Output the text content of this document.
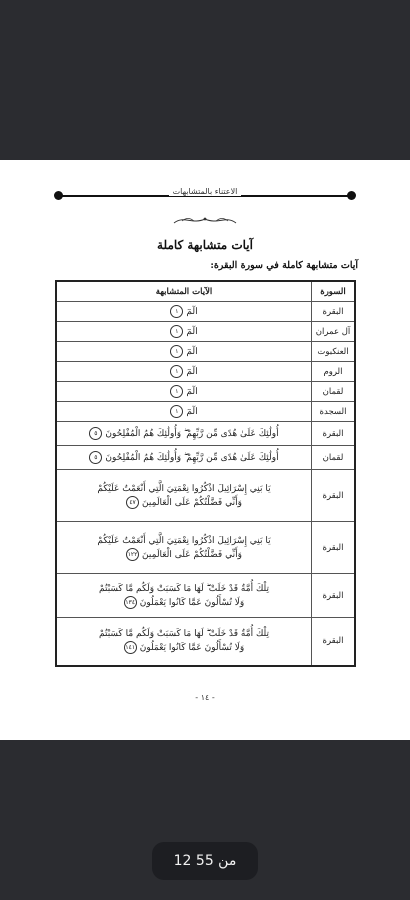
الاعتناء بالمتشابهات
آيات متشابهة كاملة
آيات متشابهة كاملة في سورة البقرة:
السورة	الآيات المتشابهة
البقرة	الٓمٓ١

آل عمران	الٓمٓ١

العنكبوت	الٓمٓ١

الروم	الٓمٓ١

لقمان	الٓمٓ١

السجدة	الٓمٓ١

البقرة	أُولَٰئِكَ عَلَىٰ هُدًى مِّن رَّبِّهِمْ ۖ وَأُولَٰئِكَ هُمُ الْمُفْلِحُونَ٥

لقمان	أُولَٰئِكَ عَلَىٰ هُدًى مِّن رَّبِّهِمْ ۖ وَأُولَٰئِكَ هُمُ الْمُفْلِحُونَ٥

البقرة	يَا بَنِي إِسْرَائِيلَ اذْكُرُوا نِعْمَتِيَ الَّتِي أَنْعَمْتُ عَلَيْكُمْ
وَأَنِّي فَضَّلْتُكُمْ عَلَى الْعَالَمِينَ٤٧

البقرة	يَا بَنِي إِسْرَائِيلَ اذْكُرُوا نِعْمَتِيَ الَّتِي أَنْعَمْتُ عَلَيْكُمْ
وَأَنِّي فَضَّلْتُكُمْ عَلَى الْعَالَمِينَ١٢٢

البقرة	تِلْكَ أُمَّةٌ قَدْ خَلَتْ ۖ لَهَا مَا كَسَبَتْ وَلَكُم مَّا كَسَبْتُمْ
وَلَا تُسْأَلُونَ عَمَّا كَانُوا يَعْمَلُونَ١٣٤

البقرة	تِلْكَ أُمَّةٌ قَدْ خَلَتْ ۖ لَهَا مَا كَسَبَتْ وَلَكُم مَّا كَسَبْتُمْ
وَلَا تُسْأَلُونَ عَمَّا كَانُوا يَعْمَلُونَ١٤١
- ١٤ -
12 من 55
